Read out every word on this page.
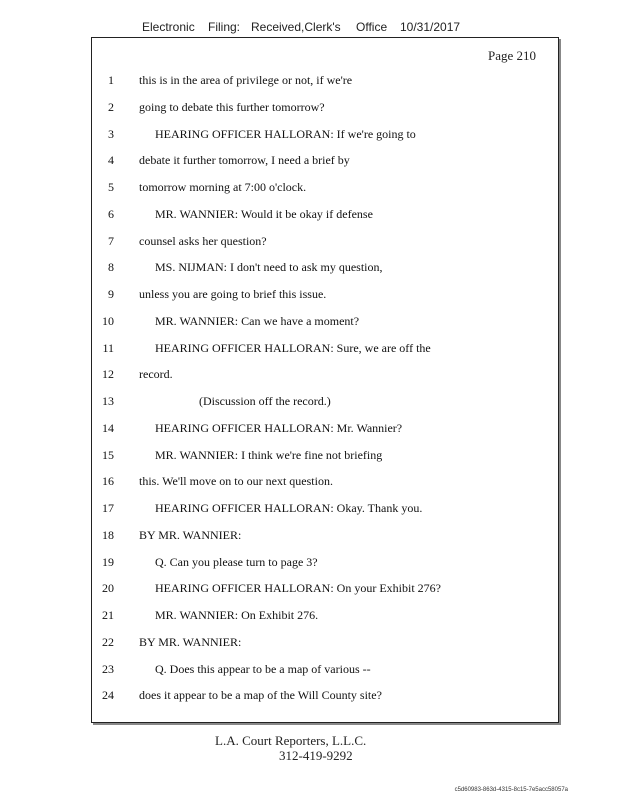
Electronic Filing: Received,Clerk's Office 10/31/2017
Page 210
1 this is in the area of privilege or not, if we're
2 going to debate this further tomorrow?
3	HEARING OFFICER HALLORAN: If we're going to
4 debate it further tomorrow, I need a brief by
5 tomorrow morning at 7:00 o'clock.
6	MR. WANNIER: Would it be okay if defense
7 counsel asks her question?
8	MS. NIJMAN: I don't need to ask my question,
9 unless you are going to brief this issue.
10	MR. WANNIER: Can we have a moment?
11	HEARING OFFICER HALLORAN: Sure, we are off the
12 record.
13	(Discussion off the record.)
14	HEARING OFFICER HALLORAN: Mr. Wannier?
15	MR. WANNIER: I think we're fine not briefing
16 this. We'll move on to our next question.
17	HEARING OFFICER HALLORAN: Okay. Thank you.
18 BY MR. WANNIER:
19	Q. Can you please turn to page 3?
20	HEARING OFFICER HALLORAN: On your Exhibit 276?
21	MR. WANNIER: On Exhibit 276.
22 BY MR. WANNIER:
23	Q. Does this appear to be a map of various --
24 does it appear to be a map of the Will County site?
L.A. Court Reporters, L.L.C.
312-419-9292
c5d60983-863d-4315-8c15-7e5acc58057a
